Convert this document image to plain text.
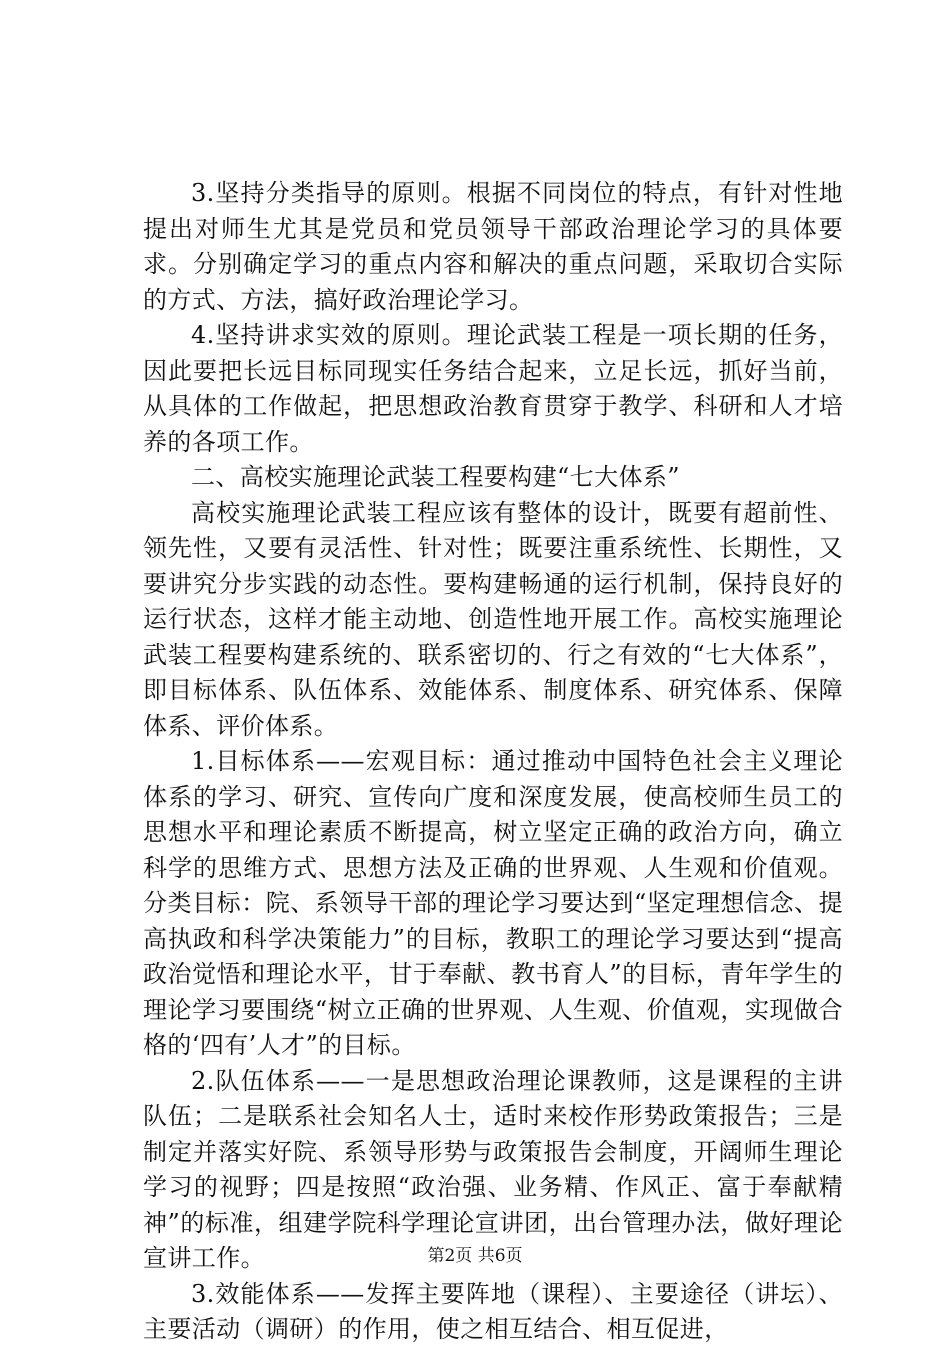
3.坚持分类指导的原则。根据不同岗位的特点，有针对性地提出对师生尤其是党员和党员领导干部政治理论学习的具体要求。分别确定学习的重点内容和解决的重点问题，采取切合实际的方式、方法，搞好政治理论学习。

4.坚持讲求实效的原则。理论武装工程是一项长期的任务，因此要把长远目标同现实任务结合起来，立足长远，抓好当前，从具体的工作做起，把思想政治教育贯穿于教学、科研和人才培养的各项工作。

二、高校实施理论武装工程要构建“七大体系”

高校实施理论武装工程应该有整体的设计，既要有超前性、领先性，又要有灵活性、针对性；既要注重系统性、长期性，又要讲究分步实践的动态性。要构建畅通的运行机制，保持良好的运行状态，这样才能主动地、创造性地开展工作。高校实施理论武装工程要构建系统的、联系密切的、行之有效的“七大体系”，即目标体系、队伍体系、效能体系、制度体系、研究体系、保障体系、评价体系。

1.目标体系——宏观目标：通过推动中国特色社会主义理论体系的学习、研究、宣传向广度和深度发展，使高校师生员工的思想水平和理论素质不断提高，树立坚定正确的政治方向，确立科学的思维方式、思想方法及正确的世界观、人生观和价值观。分类目标：院、系领导干部的理论学习要达到“坚定理想信念、提高执政和科学决策能力”的目标，教职工的理论学习要达到“提高政治觉悟和理论水平，甘于奉献、教书育人”的目标，青年学生的理论学习要围绕“树立正确的世界观、人生观、价值观，实现做合格的‘四有’人才”的目标。

2.队伍体系——一是思想政治理论课教师，这是课程的主讲队伍；二是联系社会知名人士，适时来校作形势政策报告；三是制定并落实好院、系领导形势与政策报告会制度，开阔师生理论学习的视野；四是按照“政治强、业务精、作风正、富于奉献精神”的标准，组建学院科学理论宣讲团，出台管理办法，做好理论宣讲工作。

3.效能体系——发挥主要阵地（课程）、主要途径（讲坛）、主要活动（调研）的作用，使之相互结合、相互促进，

第2页 共6页
